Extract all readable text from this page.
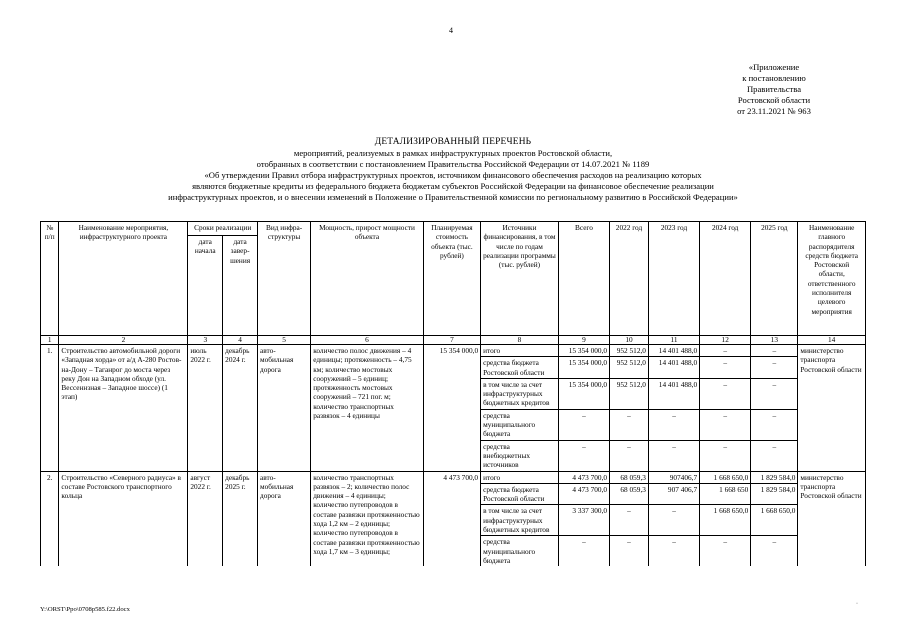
4
«Приложение
к постановлению
Правительства
Ростовской области
от 23.11.2021 № 963
ДЕТАЛИЗИРОВАННЫЙ ПЕРЕЧЕНЬ
мероприятий, реализуемых в рамках инфраструктурных проектов Ростовской области,
отобранных в соответствии с постановлением Правительства Российской Федерации от 14.07.2021 № 1189
«Об утверждении Правил отбора инфраструктурных проектов, источником финансового обеспечения расходов на реализацию которых
являются бюджетные кредиты из федерального бюджета бюджетам субъектов Российской Федерации на финансовое обеспечение реализации
инфраструктурных проектов, и о внесении изменений в Положение о Правительственной комиссии по региональному развитию в Российской Федерации»
№ п/п	Наименование мероприятия, инфраструктурного проекта	Сроки реализации		Вид инфра-структуры	Мощность, прирост мощности объекта	Планируемая стоимость объекта (тыс. рублей)	Источники финансирования, в том числе по годам реализации программы (тыс. рублей)	Всего	2022 год	2023 год	2024 год	2025 год	Наименование главного распорядителя средств бюджета Ростовской области, ответственного исполнителя целевого мероприятия
		дата начала	дата завер-шения										
1	2	3	4	5	6	7	8	9	10	11	12	13	14
1.	Строительство автомобильной дороги «Западная хорда» от а/д А-280 Ростов-на-Дону – Таганрог до моста через реку Дон на Западном обходе (ул. Вессеннзная – Западное шоссе) (1 этап)	июль 2022 г.	декабрь 2024 г.	авто-мобильная дорога	количество полос движения – 4 единицы; протяженность – 4,75 км; количество мостовых сооружений – 5 единиц; протяженность мостовых сооружений – 721 пог. м; количество транспортных развязок – 4 единицы	15 354 000,0	итого	15 354 000,0	952 512,0	14 401 488,0	–	–	министерство транспорта Ростовской области
							средства бюджета Ростовской области	15 354 000,0	952 512,0	14 401 488,0	–	–	
							в том числе за счет инфраструктурных бюджетных кредитов	15 354 000,0	952 512,0	14 401 488,0	–	–	
							средства муниципального бюджета	–	–	–	–	–	
							средства внебюджетных источников	–	–	–	–	–	
2.	Строительство «Северного радиуса» в составе Ростовского транспортного кольца	август 2022 г.	декабрь 2025 г.	авто-мобильная дорога	количество транспортных развязок – 2; количество полос движения – 4 единицы; количество путепроводов в составе развязки протяженностью хода 1,2 км – 2 единицы; количество путепроводов в составе развязки протяженностью хода 1,7 км – 3 единицы;	4 473 700,0	итого	4 473 700,0	68 059,3	907406,7	1 668 650,0	1 829 584,0	министерство транспорта Ростовской области
							средства бюджета Ростовской области	4 473 700,0	68 059,3	907 406,7	1 668 650	1 829 584,0	
							в том числе за счет инфраструктурных бюджетных кредитов	3 337 300,0	–	–	1 668 650,0	1 668 650,0	
							средства муниципального бюджета	–	–	–	–	–	
Y:\ORST\Ppo\0708p585.f22.docx
·
